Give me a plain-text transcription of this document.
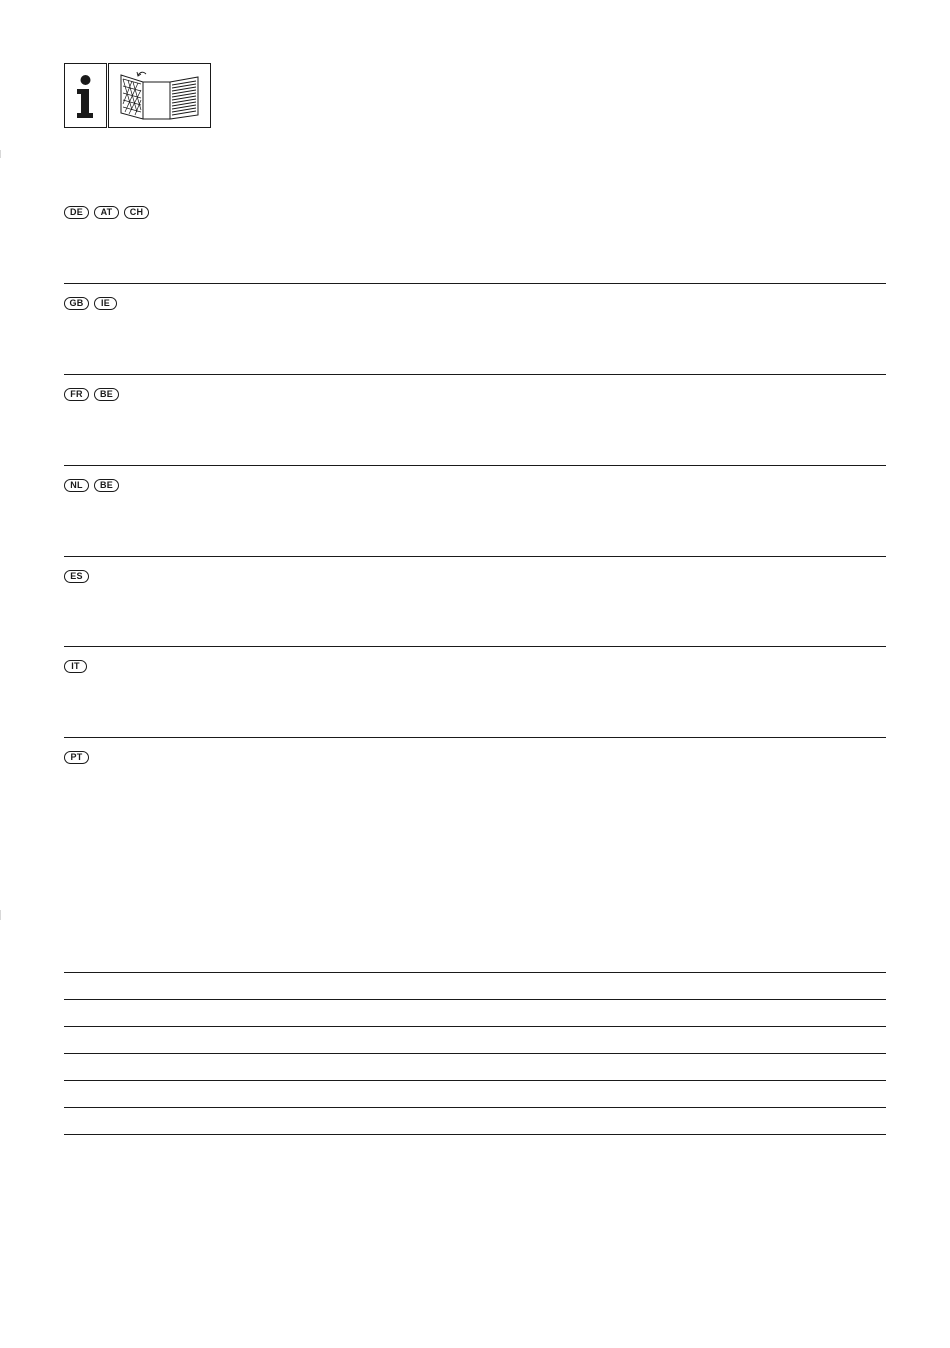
DE	AT	CH
GB	IE
FR	BE
NL	BE
ES
IT
PT
